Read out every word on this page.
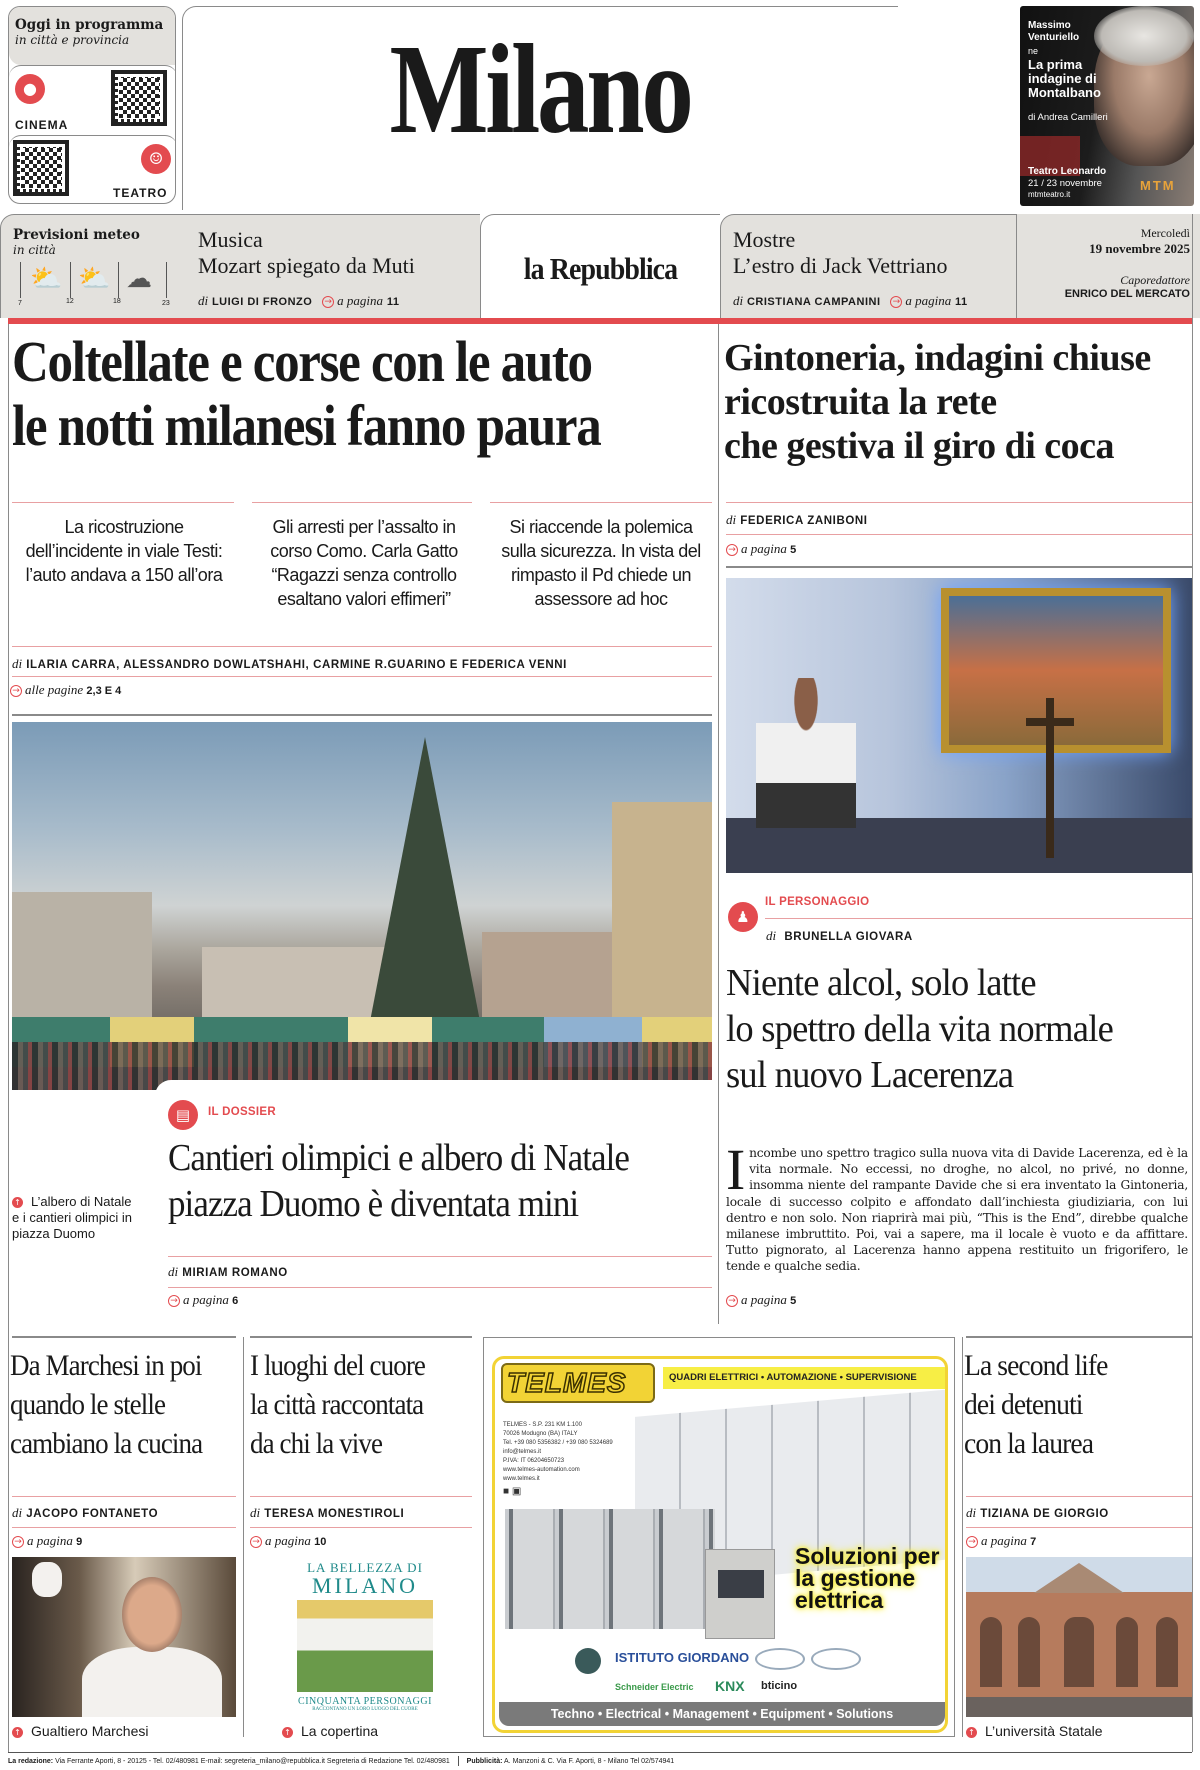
Oggi in programma
in città e provincia
●
CINEMA
☺
TEATRO
Milano	Massimo Venturiello
ne
La prima indagine di Montalbano
di Andrea Camilleri
Teatro Leonardo
21 / 23 novembre
mtmteatro.it
MTM
Previsioni meteo
in città
7	12	18	23
⛅ ⛅ ☁
Musica
Mozart spiegato da Muti
di LUIGI DI FRONZO → a pagina 11
la Repubblica
Mostre
L’estro di Jack Vettriano
di CRISTIANA CAMPANINI → a pagina 11
Mercoledì
19 novembre 2025
Caporedattore
ENRICO DEL MERCATO
Coltellate e corse con le auto
le notti milanesi fanno paura
La ricostruzione dell’incidente in viale Testi: l’auto andava a 150 all’ora
Gli arresti per l’assalto in corso Como. Carla Gatto “Ragazzi senza controllo esaltano valori effimeri”
Si riaccende la polemica sulla sicurezza. In vista del rimpasto il Pd chiede un assessore ad hoc
di ILARIA CARRA, ALESSANDRO DOWLATSHAHI, CARMINE R.GUARINO E FEDERICA VENNI
→ alle pagine 2,3 E 4
Gintoneria, indagini chiuse
ricostruita la rete
che gestiva il giro di coca
di FEDERICA ZANIBONI
→ a pagina 5
♟
IL PERSONAGGIO
di BRUNELLA GIOVARA
Niente alcol, solo latte
lo spettro della vita normale
sul nuovo Lacerenza
Incombe uno spettro tragico sulla nuova vita di Davide Lacerenza, ed è la vita normale. No eccessi, no droghe, no alcol, no privé, no donne, insomma niente del rampante Davide che si era inventato la Gintoneria, locale di successo colpito e affondato dall’inchiesta giudiziaria, con lui dentro e non solo. Non riaprirà mai più, “This is the End”, direbbe qualche milanese imbruttito. Poi, vai a sapere, ma il locale è vuoto e da affittare. Tutto pignorato, al Lacerenza hanno appena restituito un frigorifero, le tende e qualche sedia.
→ a pagina 5
▤	IL DOSSIER
Cantieri olimpici e albero di Natale
piazza Duomo è diventata mini
↑ L’albero di Natale e i cantieri olimpici in piazza Duomo
di MIRIAM ROMANO
→ a pagina 6
Da Marchesi in poi
quando le stelle
cambiano la cucina
di JACOPO FONTANETO
→ a pagina 9
↑ Gualtiero Marchesi
I luoghi del cuore
la città raccontata
da chi la vive
di TERESA MONESTIROLI
→ a pagina 10
LA BELLEZZA DI
MILANO
CINQUANTA PERSONAGGI
RACCONTANO UN LORO LUOGO DEL CUORE
↑ La copertina
TELMES	QUADRI ELETTRICI • AUTOMAZIONE • SUPERVISIONE
TELMES - S.P. 231 KM 1.100
70026 Modugno (BA) ITALY
Tel. +39 080 5356382 / +39 080 5324689
info@telmes.it
P.IVA: IT 06204650723
www.telmes-automation.com
www.telmes.it
■ ▣
Soluzioni per la gestione elettrica
ISTITUTO GIORDANO
Schneider Electric KNX bticino
Techno • Electrical • Management • Equipment • Solutions
La second life
dei detenuti
con la laurea
di TIZIANA DE GIORGIO
→ a pagina 7
↑ L’università Statale
La redazione: Via Ferrante Aporti, 8 - 20125 - Tel. 02/480981 E-mail: segreteria_milano@repubblica.it Segreteria di Redazione Tel. 02/480981 Pubblicità: A. Manzoni & C. Via F. Aporti, 8 - Milano Tel 02/574941
